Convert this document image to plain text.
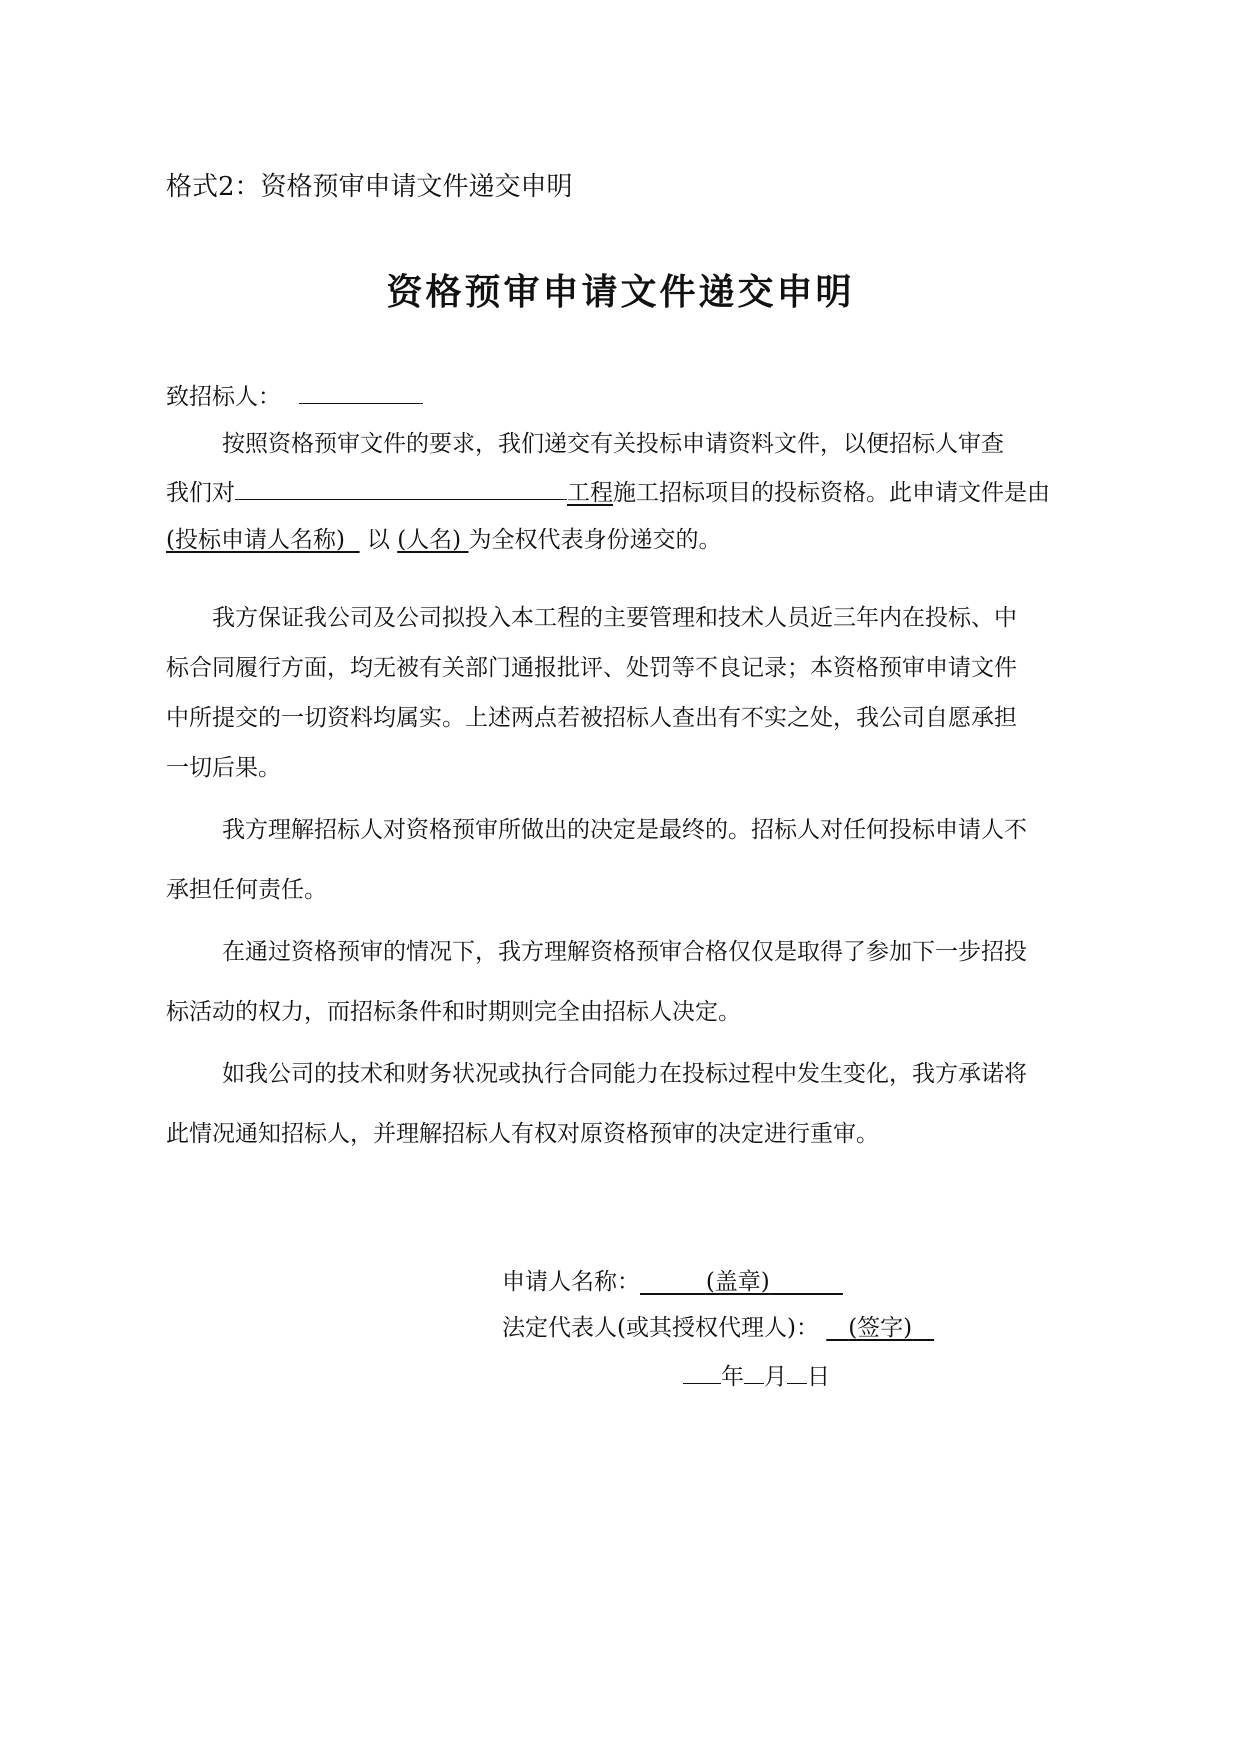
格式2：资格预审申请文件递交申明
资格预审申请文件递交申明
致招标人：
按照资格预审文件的要求，我们递交有关投标申请资料文件，以便招标人审查
我们对	工程施工招标项目的投标资格。此申请文件是由
(投标申请人名称) 以 (人名) 为全权代表身份递交的。
我方保证我公司及公司拟投入本工程的主要管理和技术人员近三年内在投标、中
标合同履行方面，均无被有关部门通报批评、处罚等不良记录；本资格预审申请文件
中所提交的一切资料均属实。上述两点若被招标人查出有不实之处，我公司自愿承担
一切后果。
我方理解招标人对资格预审所做出的决定是最终的。招标人对任何投标申请人不
承担任何责任。
在通过资格预审的情况下，我方理解资格预审合格仅仅是取得了参加下一步招投
标活动的权力，而招标条件和时期则完全由招标人决定。
如我公司的技术和财务状况或执行合同能力在投标过程中发生变化，我方承诺将
此情况通知招标人，并理解招标人有权对原资格预审的决定进行重审。
申请人名称：	(盖章)
法定代表人(或其授权代理人)： (签字)
年 月 日
